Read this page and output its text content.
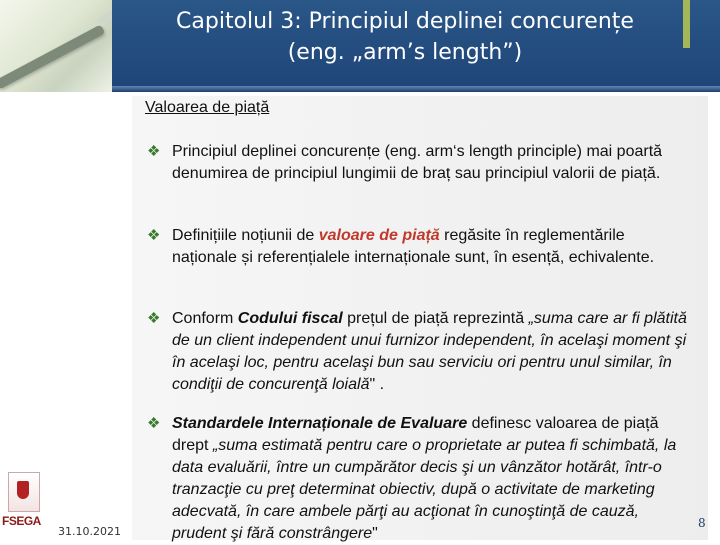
Capitolul 3: Principiul deplinei concurențe
(eng. „arm’s length”)
Valoarea de piață
❖ Principiul deplinei concurențe (eng. arm‘s length principle) mai poartă denumirea de principiul lungimii de braț sau principiul valorii de piață.
❖ Definițiile noțiunii de valoare de piață regăsite în reglementările naționale și referențialele internaționale sunt, în esență, echivalente.
❖ Conform Codului fiscal prețul de piață reprezintă „suma care ar fi plătită de un client independent unui furnizor independent, în acelaşi moment şi în acelaşi loc, pentru acelaşi bun sau serviciu ori pentru unul similar, în condiţii de concurenţă loială" .
❖ Standardele Internaționale de Evaluare definesc valoarea de piață drept „suma estimată pentru care o proprietate ar putea fi schimbată, la data evaluării, între un cumpărător decis şi un vânzător hotărât, într-o tranzacţie cu preţ determinat obiectiv, după o activitate de marketing adecvată, în care ambele părţi au acţionat în cunoştinţă de cauză, prudent şi fără constrângere"
FSEGA
31.10.2021
8
